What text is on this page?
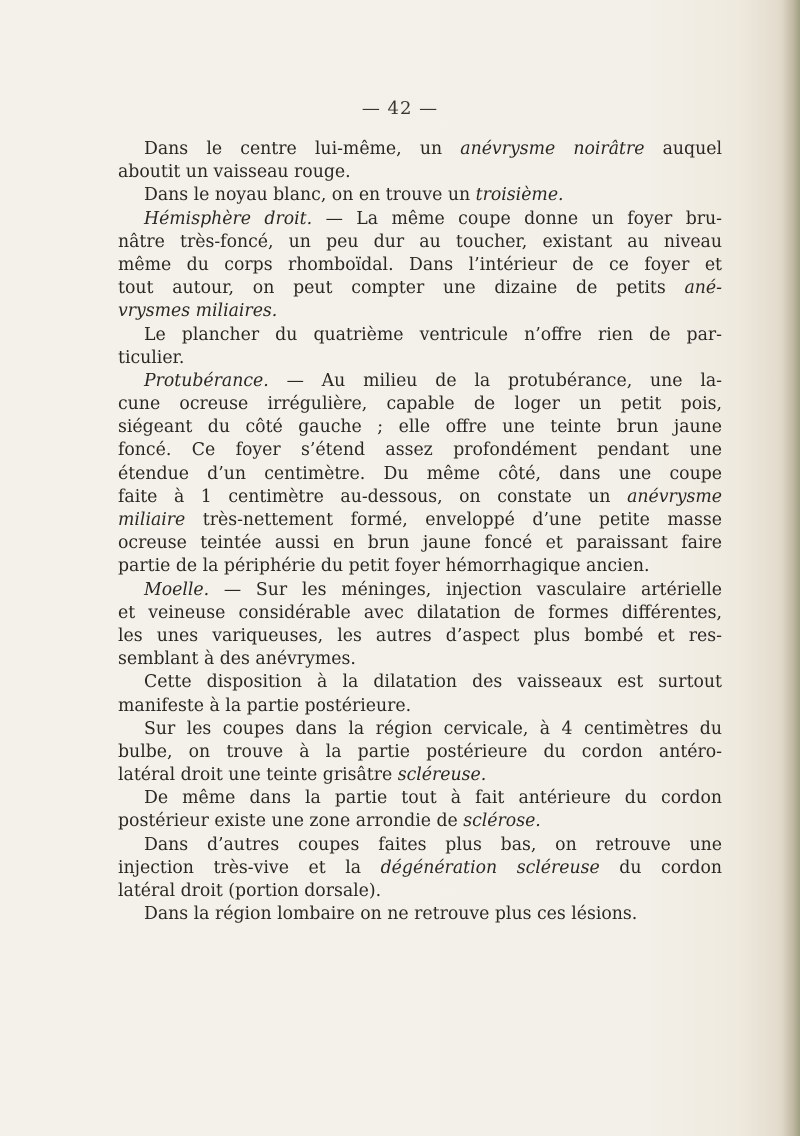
— 42 —
Dans le centre lui-même, un anévrysme noirâtre auquel
aboutit un vaisseau rouge.
Dans le noyau blanc, on en trouve un troisième.
Hémisphère droit. — La même coupe donne un foyer bru-
nâtre très-foncé, un peu dur au toucher, existant au niveau
même du corps rhomboïdal. Dans l’intérieur de ce foyer et
tout autour, on peut compter une dizaine de petits ané-
vrysmes miliaires.
Le plancher du quatrième ventricule n’offre rien de par-
ticulier.
Protubérance. — Au milieu de la protubérance, une la-
cune ocreuse irrégulière, capable de loger un petit pois,
siégeant du côté gauche ; elle offre une teinte brun jaune
foncé. Ce foyer s’étend assez profondément pendant une
étendue d’un centimètre. Du même côté, dans une coupe
faite à 1 centimètre au-dessous, on constate un anévrysme
miliaire très-nettement formé, enveloppé d’une petite masse
ocreuse teintée aussi en brun jaune foncé et paraissant faire
partie de la périphérie du petit foyer hémorrhagique ancien.
Moelle. — Sur les méninges, injection vasculaire artérielle
et veineuse considérable avec dilatation de formes différentes,
les unes variqueuses, les autres d’aspect plus bombé et res-
semblant à des anévrymes.
Cette disposition à la dilatation des vaisseaux est surtout
manifeste à la partie postérieure.
Sur les coupes dans la région cervicale, à 4 centimètres du
bulbe, on trouve à la partie postérieure du cordon antéro-
latéral droit une teinte grisâtre scléreuse.
De même dans la partie tout à fait antérieure du cordon
postérieur existe une zone arrondie de sclérose.
Dans d’autres coupes faites plus bas, on retrouve une
injection très-vive et la dégénération scléreuse du cordon
latéral droit (portion dorsale).
Dans la région lombaire on ne retrouve plus ces lésions.
